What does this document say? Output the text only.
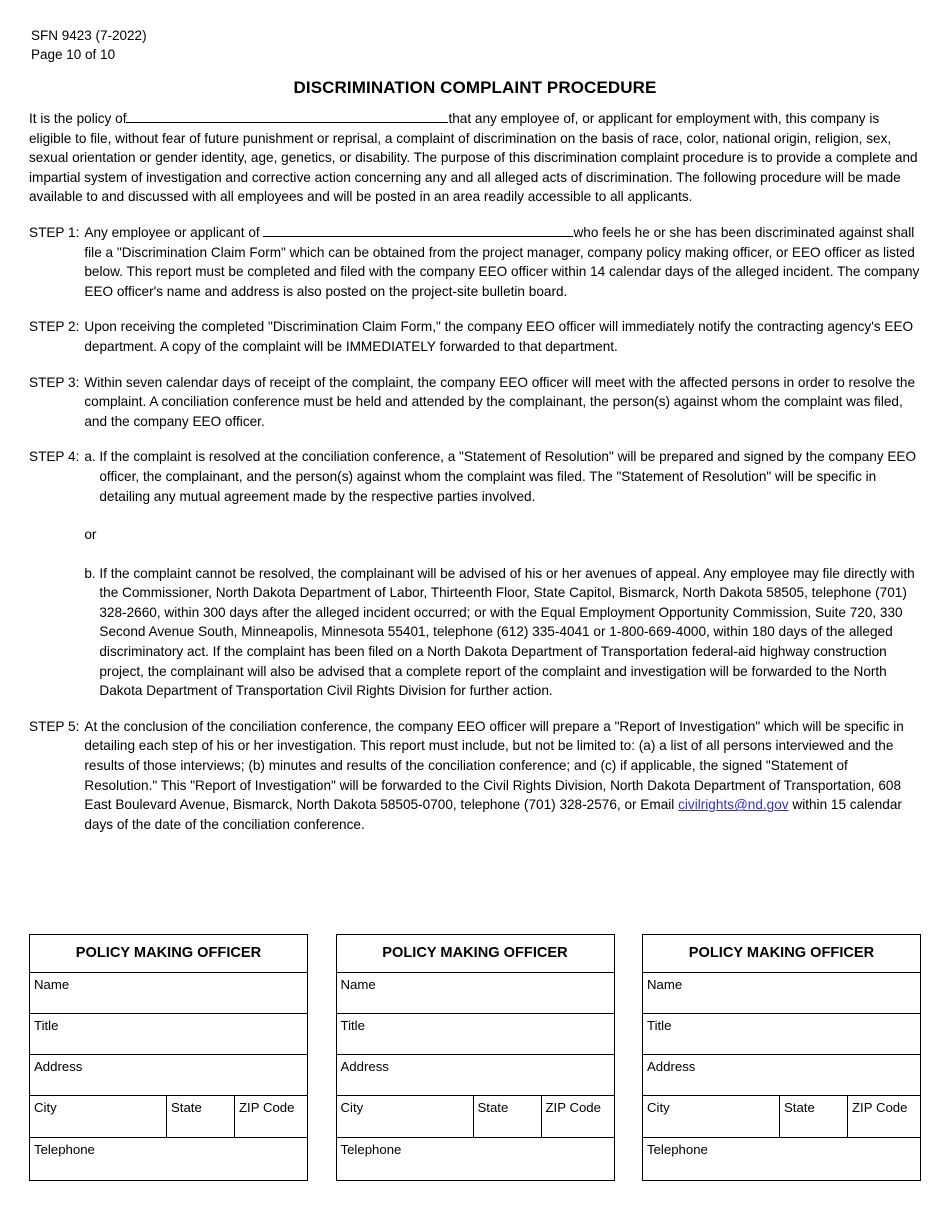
SFN 9423 (7-2022)
Page 10 of 10
DISCRIMINATION COMPLAINT PROCEDURE

It is the policy of	that any employee of, or applicant for employment with, this company is eligible to file, without fear of future punishment or reprisal, a complaint of discrimination on the basis of race, color, national origin, religion, sex, sexual orientation or gender identity, age, genetics, or disability. The purpose of this discrimination complaint procedure is to provide a complete and impartial system of investigation and corrective action concerning any and all alleged acts of discrimination. The following procedure will be made available to and discussed with all employees and will be posted in an area readily accessible to all applicants.

STEP 1: Any employee or applicant of	who feels he or she has been discriminated against shall file a "Discrimination Claim Form" which can be obtained from the project manager, company policy making officer, or EEO officer as listed below. This report must be completed and filed with the company EEO officer within 14 calendar days of the alleged incident. The company EEO officer's name and address is also posted on the project-site bulletin board.

STEP 2: Upon receiving the completed "Discrimination Claim Form," the company EEO officer will immediately notify the contracting agency's EEO department. A copy of the complaint will be IMMEDIATELY forwarded to that department.

STEP 3: Within seven calendar days of receipt of the complaint, the company EEO officer will meet with the affected persons in order to resolve the complaint. A conciliation conference must be held and attended by the complainant, the person(s) against whom the complaint was filed, and the company EEO officer.

STEP 4: a. If the complaint is resolved at the conciliation conference, a "Statement of Resolution" will be prepared and signed by the company EEO officer, the complainant, and the person(s) against whom the complaint was filed. The "Statement of Resolution" will be specific in detailing any mutual agreement made by the respective parties involved.
or
b. If the complaint cannot be resolved, the complainant will be advised of his or her avenues of appeal. Any employee may file directly with the Commissioner, North Dakota Department of Labor, Thirteenth Floor, State Capitol, Bismarck, North Dakota 58505, telephone (701) 328-2660, within 300 days after the alleged incident occurred; or with the Equal Employment Opportunity Commission, Suite 720, 330 Second Avenue South, Minneapolis, Minnesota 55401, telephone (612) 335-4041 or 1-800-669-4000, within 180 days of the alleged discriminatory act. If the complaint has been filed on a North Dakota Department of Transportation federal-aid highway construction project, the complainant will also be advised that a complete report of the complaint and investigation will be forwarded to the North Dakota Department of Transportation Civil Rights Division for further action.
STEP 5: At the conclusion of the conciliation conference, the company EEO officer will prepare a "Report of Investigation" which will be specific in detailing each step of his or her investigation. This report must include, but not be limited to: (a) a list of all persons interviewed and the results of those interviews; (b) minutes and results of the conciliation conference; and (c) if applicable, the signed "Statement of Resolution." This "Report of Investigation" will be forwarded to the Civil Rights Division, North Dakota Department of Transportation, 608 East Boulevard Avenue, Bismarck, North Dakota 58505-0700, telephone (701) 328-2576, or Email civilrights@nd.gov within 15 calendar days of the date of the conciliation conference.

POLICY MAKING OFFICER
Name
Title
Address
City	State	ZIP Code
Telephone
POLICY MAKING OFFICER
Name
Title
Address
City	State	ZIP Code
Telephone
POLICY MAKING OFFICER
Name
Title
Address
City	State	ZIP Code
Telephone
